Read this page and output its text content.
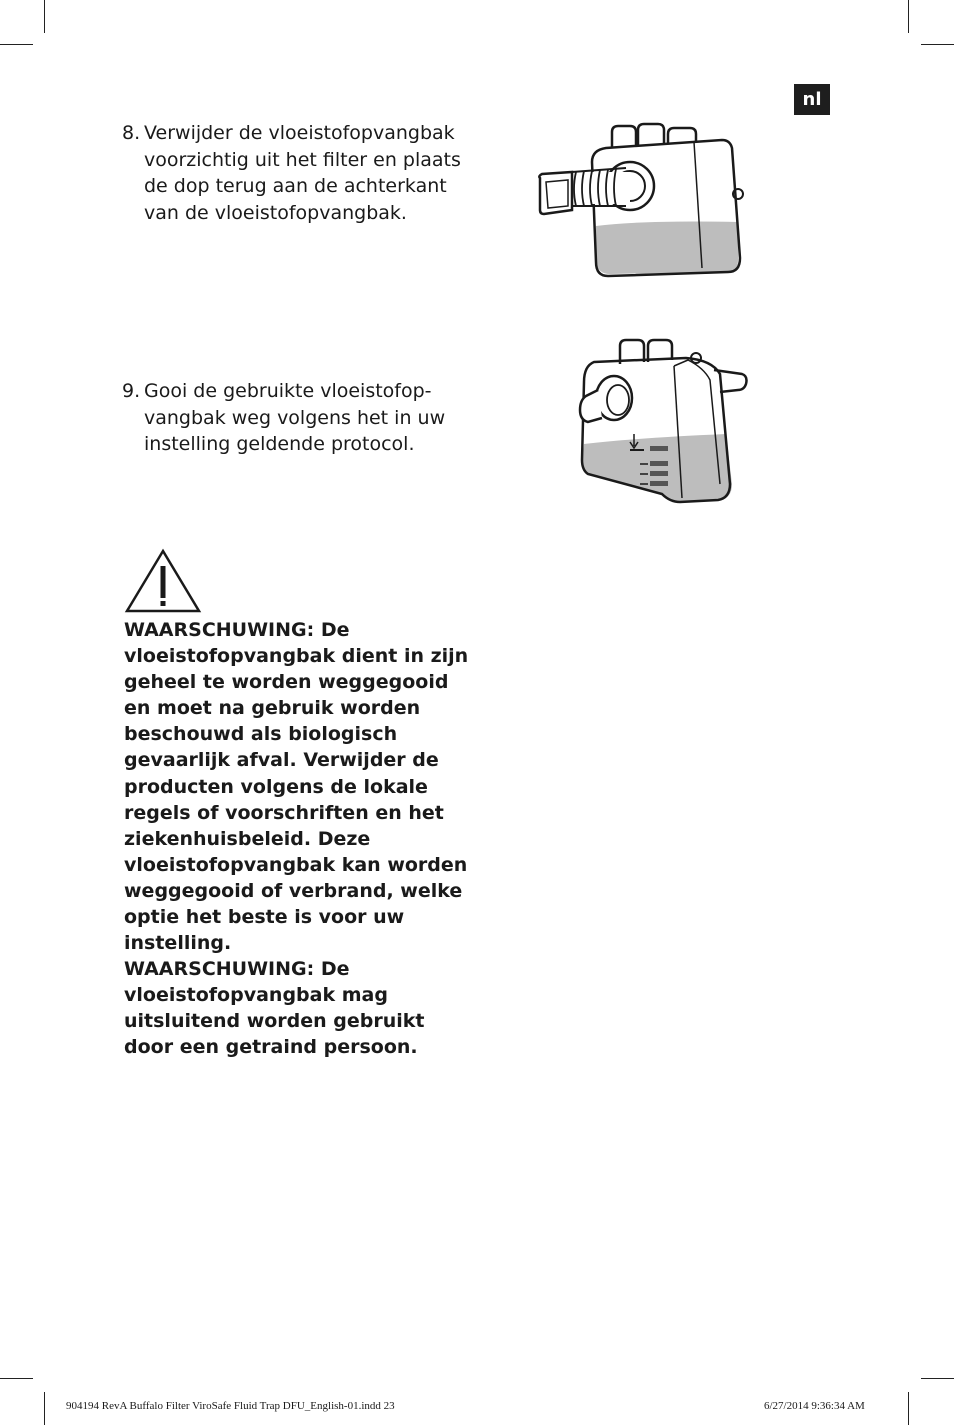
nl
8. Verwijder de vloeistofopvangbak voorzichtig uit het filter en plaats de dop terug aan de achterkant van de vloeistofopvangbak.
9. Gooi de gebruikte vloeistofop-vangbak weg volgens het in uw instelling geldende protocol.
WAARSCHUWING: De vloeistofopvangbak dient in zijn geheel te worden weggegooid en moet na gebruik worden beschouwd als biologisch gevaarlijk afval. Verwijder de producten volgens de lokale regels of voorschriften en het ziekenhuisbeleid. Deze vloeistofopvangbak kan worden weggegooid of verbrand, welke optie het beste is voor uw instelling.
WAARSCHUWING: De vloeistofopvangbak mag uitsluitend worden gebruikt door een getraind persoon.
904194 RevA Buffalo Filter ViroSafe Fluid Trap DFU_English-01.indd 23	6/27/2014 9:36:34 AM
